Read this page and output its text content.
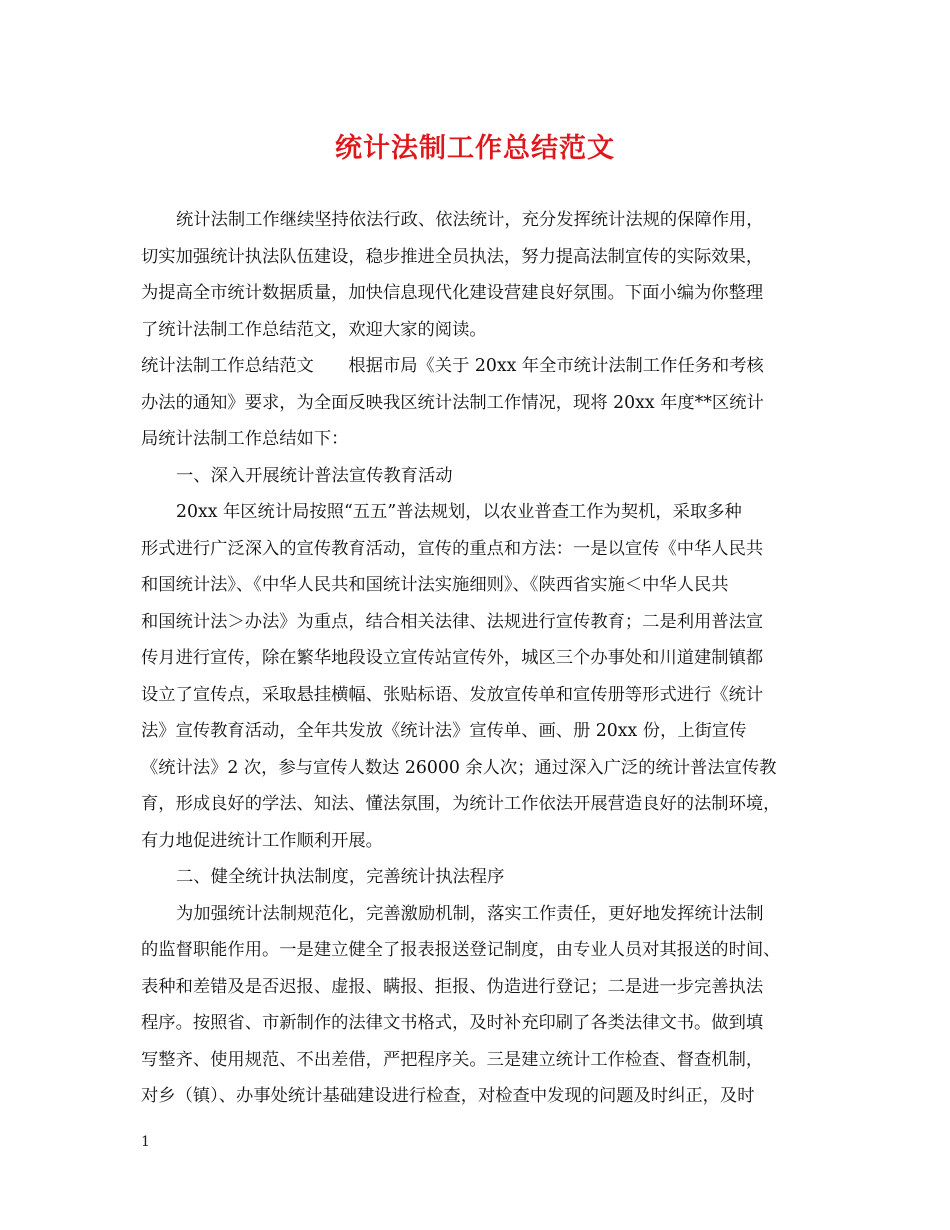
统计法制工作总结范文
统计法制工作继续坚持依法行政、依法统计，充分发挥统计法规的保障作用，
切实加强统计执法队伍建设，稳步推进全员执法，努力提高法制宣传的实际效果，
为提高全市统计数据质量，加快信息现代化建设营建良好氛围。下面小编为你整理
了统计法制工作总结范文，欢迎大家的阅读。
统计法制工作总结范文　　根据市局《关于 20xx 年全市统计法制工作任务和考核
办法的通知》要求，为全面反映我区统计法制工作情况，现将 20xx 年度**区统计
局统计法制工作总结如下：
一、深入开展统计普法宣传教育活动
20xx 年区统计局按照“五五”普法规划，以农业普查工作为契机，采取多种
形式进行广泛深入的宣传教育活动，宣传的重点和方法：一是以宣传《中华人民共
和国统计法》、《中华人民共和国统计法实施细则》、《陕西省实施＜中华人民共
和国统计法＞办法》为重点，结合相关法律、法规进行宣传教育；二是利用普法宣
传月进行宣传，除在繁华地段设立宣传站宣传外，城区三个办事处和川道建制镇都
设立了宣传点，采取悬挂横幅、张贴标语、发放宣传单和宣传册等形式进行《统计
法》宣传教育活动，全年共发放《统计法》宣传单、画、册 20xx 份，上街宣传
《统计法》2 次，参与宣传人数达 26000 余人次；通过深入广泛的统计普法宣传教
育，形成良好的学法、知法、懂法氛围，为统计工作依法开展营造良好的法制环境，
有力地促进统计工作顺利开展。
二、健全统计执法制度，完善统计执法程序
为加强统计法制规范化，完善激励机制，落实工作责任，更好地发挥统计法制
的监督职能作用。一是建立健全了报表报送登记制度，由专业人员对其报送的时间、
表种和差错及是否迟报、虚报、瞒报、拒报、伪造进行登记；二是进一步完善执法
程序。按照省、市新制作的法律文书格式，及时补充印刷了各类法律文书。做到填
写整齐、使用规范、不出差借，严把程序关。三是建立统计工作检查、督查机制，
对乡（镇）、办事处统计基础建设进行检查，对检查中发现的问题及时纠正，及时
1
